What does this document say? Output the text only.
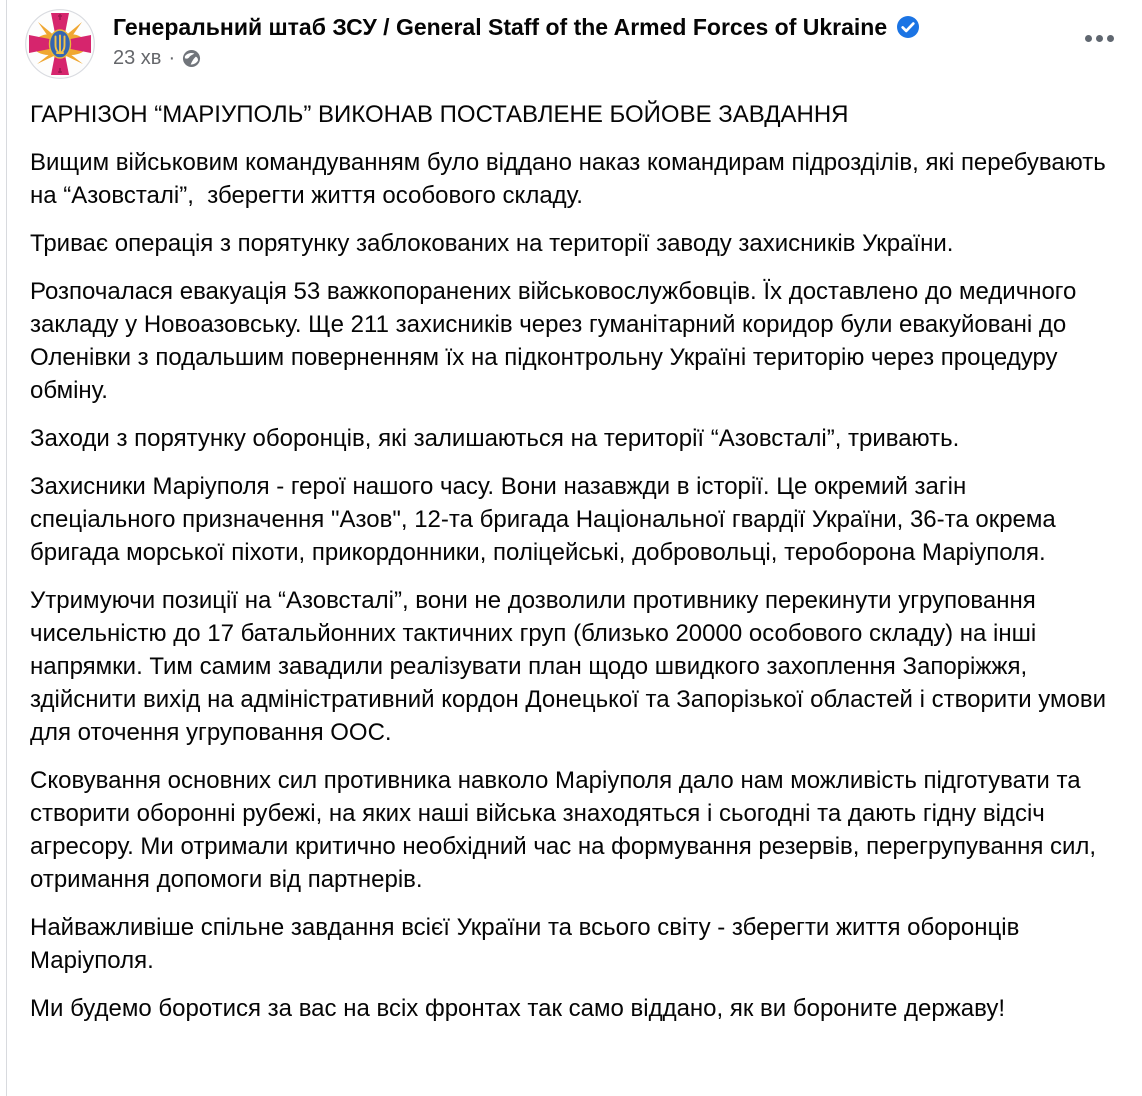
Генеральний штаб ЗСУ / General Staff of the Armed Forces of Ukraine
23 хв ·

ГАРНІЗОН “МАРІУПОЛЬ” ВИКОНАВ ПОСТАВЛЕНЕ БОЙОВЕ ЗАВДАННЯ

Вищим військовим командуванням було віддано наказ командирам підрозділів, які перебувають на “Азовсталі”,  зберегти життя особового складу.

Триває операція з порятунку заблокованих на території заводу захисників України.

Розпочалася евакуація 53 важкопоранених військовослужбовців. Їх доставлено до медичного закладу у Новоазовську. Ще 211 захисників через гуманітарний коридор були евакуйовані до Оленівки з подальшим поверненням їх на підконтрольну Україні територію через процедуру обміну.

Заходи з порятунку оборонців, які залишаються на території “Азовсталі”, тривають.

Захисники Маріуполя - герої нашого часу. Вони назавжди в історії. Це окремий загін спеціального призначення "Азов", 12-та бригада Національної гвардії України, 36-та окрема бригада морської піхоти, прикордонники, поліцейські, добровольці, тероборона Маріуполя.

Утримуючи позиції на “Азовсталі”, вони не дозволили противнику перекинути угруповання чисельністю до 17 батальйонних тактичних груп (близько 20000 особового складу) на інші напрямки. Тим самим завадили реалізувати план щодо швидкого захоплення Запоріжжя, здійснити вихід на адміністративний кордон Донецької та Запорізької областей і створити умови для оточення угруповання ООС.

Сковування основних сил противника навколо Маріуполя дало нам можливість підготувати та створити оборонні рубежі, на яких наші війська знаходяться і сьогодні та дають гідну відсіч агресору. Ми отримали критично необхідний час на формування резервів, перегрупування сил, отримання допомоги від партнерів.

Найважливіше спільне завдання всієї України та всього світу - зберегти життя оборонців Маріуполя.

Ми будемо боротися за вас на всіх фронтах так само віддано, як ви бороните державу!
